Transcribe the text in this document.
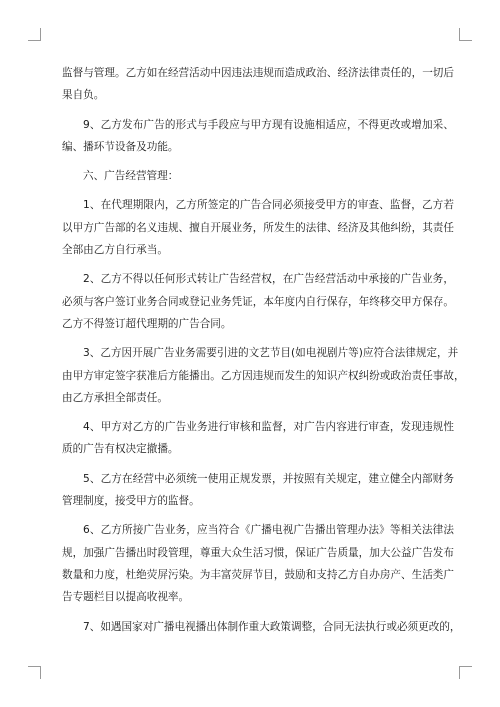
监督与管理。乙方如在经营活动中因违法违规而造成政治、经济法律责任的，一切后
果自负。
9、乙方发布广告的形式与手段应与甲方现有设施相适应，不得更改或增加采、
编、播环节设备及功能。
六、广告经营管理：
1、在代理期限内，乙方所签定的广告合同必须接受甲方的审查、监督，乙方若
以甲方广告部的名义违规、擅自开展业务，所发生的法律、经济及其他纠纷，其责任
全部由乙方自行承当。
2、乙方不得以任何形式转让广告经营权，在广告经营活动中承接的广告业务，
必须与客户签订业务合同或登记业务凭证，本年度内自行保存，年终移交甲方保存。
乙方不得签订超代理期的广告合同。
3、乙方因开展广告业务需要引进的文艺节目(如电视剧片等)应符合法律规定，并
由甲方审定签字获准后方能播出。乙方因违规而发生的知识产权纠纷或政治责任事故，
由乙方承担全部责任。
4、甲方对乙方的广告业务进行审核和监督，对广告内容进行审查，发现违规性
质的广告有权决定撤播。
5、乙方在经营中必须统一使用正规发票，并按照有关规定，建立健全内部财务
管理制度，接受甲方的监督。
6、乙方所接广告业务，应当符合《广播电视广告播出管理办法》等相关法律法
规，加强广告播出时段管理，尊重大众生活习惯，保证广告质量，加大公益广告发布
数量和力度，杜绝荧屏污染。为丰富荧屏节目，鼓励和支持乙方自办房产、生活类广
告专题栏目以提高收视率。
7、如遇国家对广播电视播出体制作重大政策调整，合同无法执行或必须更改的，
